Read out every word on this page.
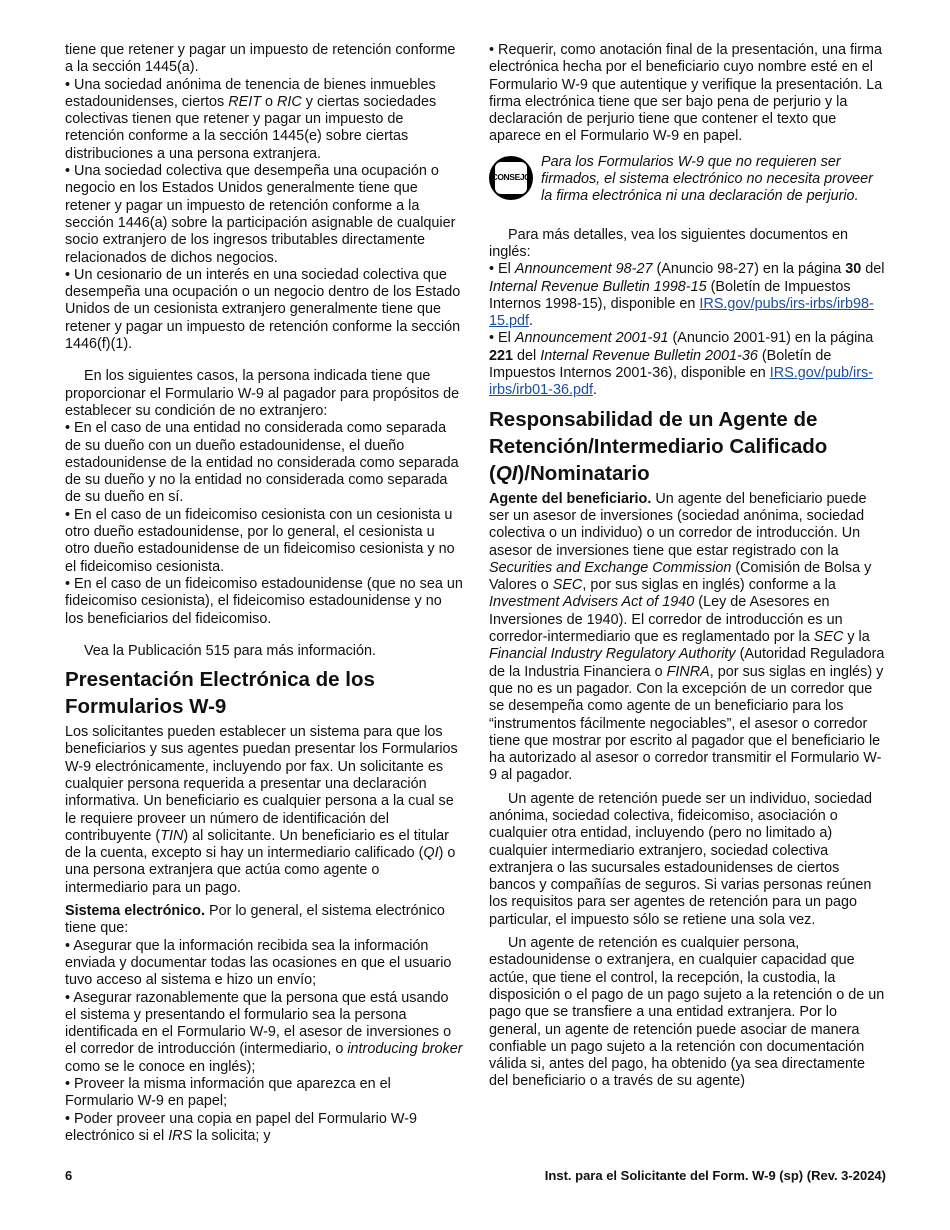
tiene que retener y pagar un impuesto de retención conforme a la sección 1445(a).

• Una sociedad anónima de tenencia de bienes inmuebles estadounidenses, ciertos REIT o RIC y ciertas sociedades colectivas tienen que retener y pagar un impuesto de retención conforme a la sección 1445(e) sobre ciertas distribuciones a una persona extranjera.

• Una sociedad colectiva que desempeña una ocupación o negocio en los Estados Unidos generalmente tiene que retener y pagar un impuesto de retención conforme a la sección 1446(a) sobre la participación asignable de cualquier socio extranjero de los ingresos tributables directamente relacionados de dichos negocios.

• Un cesionario de un interés en una sociedad colectiva que desempeña una ocupación o un negocio dentro de los Estado Unidos de un cesionista extranjero generalmente tiene que retener y pagar un impuesto de retención conforme la sección 1446(f)(1).

En los siguientes casos, la persona indicada tiene que proporcionar el Formulario W-9 al pagador para propósitos de establecer su condición de no extranjero:

• En el caso de una entidad no considerada como separada de su dueño con un dueño estadounidense, el dueño estadounidense de la entidad no considerada como separada de su dueño y no la entidad no considerada como separada de su dueño en sí.

• En el caso de un fideicomiso cesionista con un cesionista u otro dueño estadounidense, por lo general, el cesionista u otro dueño estadounidense de un fideicomiso cesionista y no el fideicomiso cesionista.

• En el caso de un fideicomiso estadounidense (que no sea un fideicomiso cesionista), el fideicomiso estadounidense y no los beneficiarios del fideicomiso.

Vea la Publicación 515 para más información.

Presentación Electrónica de los Formularios W-9

Los solicitantes pueden establecer un sistema para que los beneficiarios y sus agentes puedan presentar los Formularios W-9 electrónicamente, incluyendo por fax. Un solicitante es cualquier persona requerida a presentar una declaración informativa. Un beneficiario es cualquier persona a la cual se le requiere proveer un número de identificación del contribuyente (TIN) al solicitante. Un beneficiario es el titular de la cuenta, excepto si hay un intermediario calificado (QI) o una persona extranjera que actúa como agente o intermediario para un pago.

Sistema electrónico. Por lo general, el sistema electrónico tiene que:

• Asegurar que la información recibida sea la información enviada y documentar todas las ocasiones en que el usuario tuvo acceso al sistema e hizo un envío;

• Asegurar razonablemente que la persona que está usando el sistema y presentando el formulario sea la persona identificada en el Formulario W-9, el asesor de inversiones o el corredor de introducción (intermediario, o introducing broker como se le conoce en inglés);

• Proveer la misma información que aparezca en el Formulario W-9 en papel;

• Poder proveer una copia en papel del Formulario W-9 electrónico si el IRS la solicita; y

• Requerir, como anotación final de la presentación, una firma electrónica hecha por el beneficiario cuyo nombre esté en el Formulario W-9 que autentique y verifique la presentación. La firma electrónica tiene que ser bajo pena de perjurio y la declaración de perjurio tiene que contener el texto que aparece en el Formulario W-9 en papel.

CONSEJO

Para los Formularios W-9 que no requieren ser firmados, el sistema electrónico no necesita proveer la firma electrónica ni una declaración de perjurio.

Para más detalles, vea los siguientes documentos en inglés:

• El Announcement 98-27 (Anuncio 98-27) en la página 30 del Internal Revenue Bulletin 1998-15 (Boletín de Impuestos Internos 1998-15), disponible en IRS.gov/pubs/irs-irbs/irb98-15.pdf.

• El Announcement 2001-91 (Anuncio 2001-91) en la página 221 del Internal Revenue Bulletin 2001-36 (Boletín de Impuestos Internos 2001-36), disponible en IRS.gov/pub/irs-irbs/irb01-36.pdf.

Responsabilidad de un Agente de Retención/Intermediario Calificado (QI)/Nominatario

Agente del beneficiario. Un agente del beneficiario puede ser un asesor de inversiones (sociedad anónima, sociedad colectiva o un individuo) o un corredor de introducción. Un asesor de inversiones tiene que estar registrado con la Securities and Exchange Commission (Comisión de Bolsa y Valores o SEC, por sus siglas en inglés) conforme a la Investment Advisers Act of 1940 (Ley de Asesores en Inversiones de 1940). El corredor de introducción es un corredor-intermediario que es reglamentado por la SEC y la Financial Industry Regulatory Authority (Autoridad Reguladora de la Industria Financiera o FINRA, por sus siglas en inglés) y que no es un pagador. Con la excepción de un corredor que se desempeña como agente de un beneficiario para los “instrumentos fácilmente negociables”, el asesor o corredor tiene que mostrar por escrito al pagador que el beneficiario le ha autorizado al asesor o corredor transmitir el Formulario W-9 al pagador.

Un agente de retención puede ser un individuo, sociedad anónima, sociedad colectiva, fideicomiso, asociación o cualquier otra entidad, incluyendo (pero no limitado a) cualquier intermediario extranjero, sociedad colectiva extranjera o las sucursales estadounidenses de ciertos bancos y compañías de seguros. Si varias personas reúnen los requisitos para ser agentes de retención para un pago particular, el impuesto sólo se retiene una sola vez.

Un agente de retención es cualquier persona, estadounidense o extranjera, en cualquier capacidad que actúe, que tiene el control, la recepción, la custodia, la disposición o el pago de un pago sujeto a la retención o de un pago que se transfiere a una entidad extranjera. Por lo general, un agente de retención puede asociar de manera confiable un pago sujeto a la retención con documentación válida si, antes del pago, ha obtenido (ya sea directamente del beneficiario o a través de su agente)

6	Inst. para el Solicitante del Form. W-9 (sp) (Rev. 3-2024)
